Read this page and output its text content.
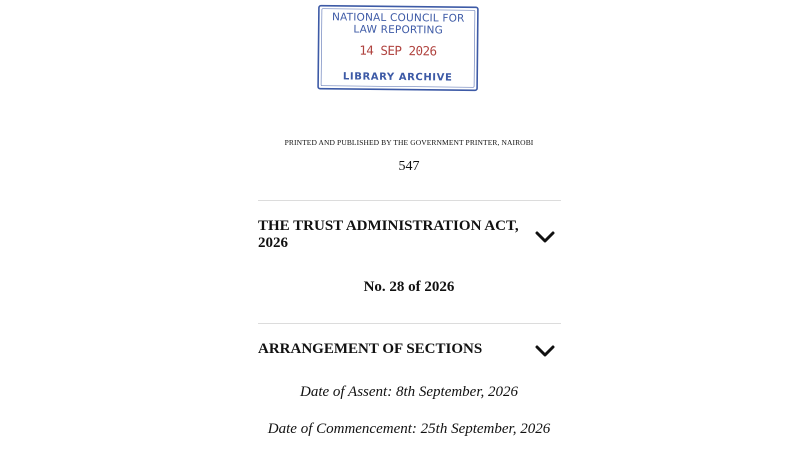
NATIONAL COUNCIL FOR
LAW REPORTING
14 SEP 2026
LIBRARY ARCHIVE
PRINTED AND PUBLISHED BY THE GOVERNMENT PRINTER, NAIROBI
547
THE TRUST ADMINISTRATION ACT, 2026
No. 28 of 2026
ARRANGEMENT OF SECTIONS
Date of Assent: 8th September, 2026
Date of Commencement: 25th September, 2026
